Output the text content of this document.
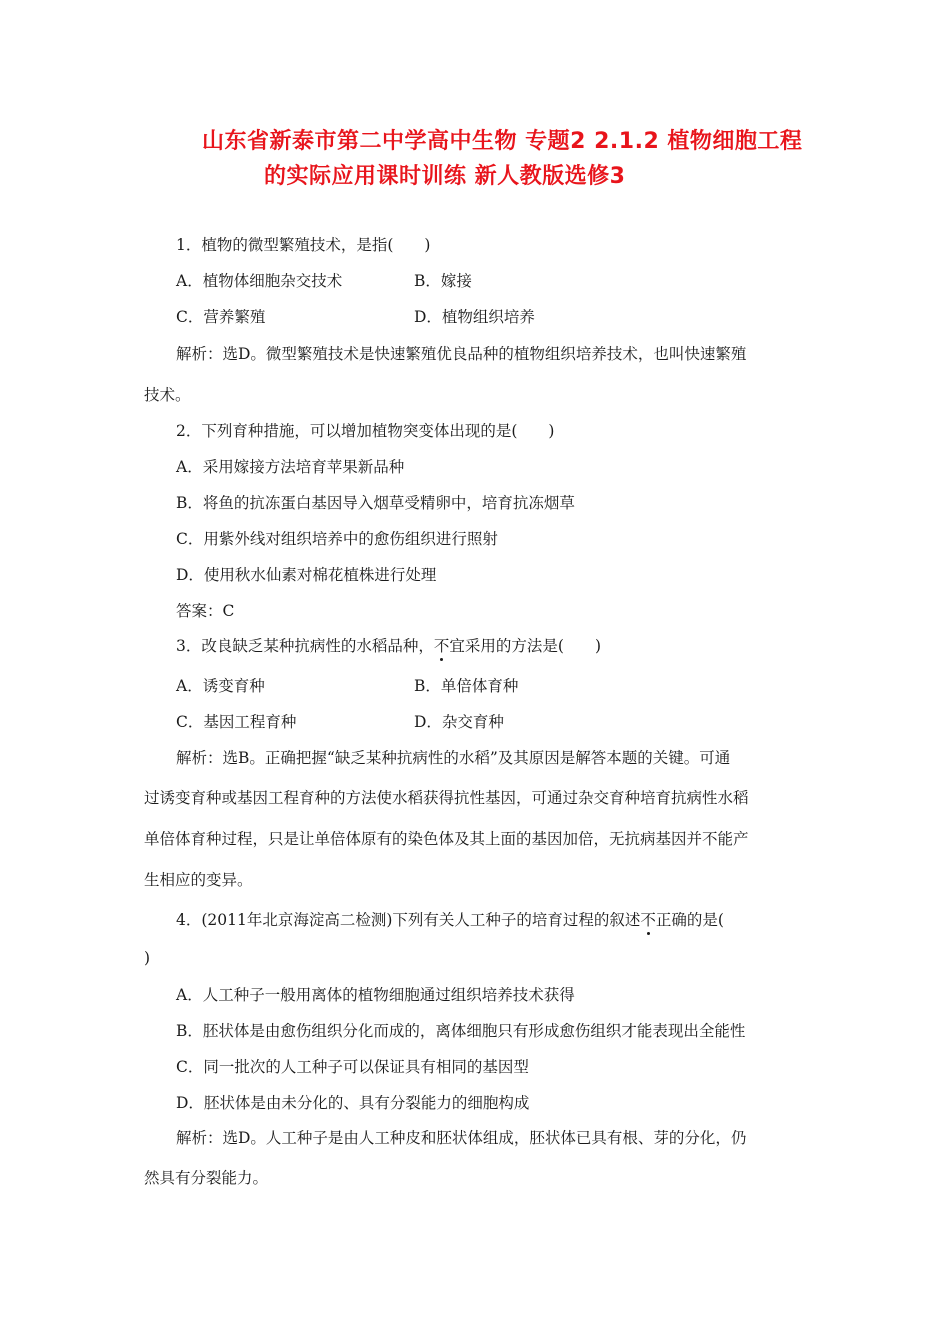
山东省新泰市第二中学高中生物 专题2 2.1.2 植物细胞工程
的实际应用课时训练 新人教版选修3
1．植物的微型繁殖技术，是指(　　)
A．植物体细胞杂交技术	B．嫁接
C．营养繁殖	D．植物组织培养
解析：选D。微型繁殖技术是快速繁殖优良品种的植物组织培养技术，也叫快速繁殖
技术。
2．下列育种措施，可以增加植物突变体出现的是(　　)
A．采用嫁接方法培育苹果新品种
B．将鱼的抗冻蛋白基因导入烟草受精卵中，培育抗冻烟草
C．用紫外线对组织培养中的愈伤组织进行照射
D．使用秋水仙素对棉花植株进行处理
答案：C
3．改良缺乏某种抗病性的水稻品种，不宜采用的方法是(　　)
A．诱变育种	B．单倍体育种
C．基因工程育种	D．杂交育种
解析：选B。正确把握“缺乏某种抗病性的水稻”及其原因是解答本题的关键。可通
过诱变育种或基因工程育种的方法使水稻获得抗性基因，可通过杂交育种培育抗病性水稻
单倍体育种过程，只是让单倍体原有的染色体及其上面的基因加倍，无抗病基因并不能产
生相应的变异。
4．(2011年北京海淀高二检测)下列有关人工种子的培育过程的叙述不正确的是(
)
A．人工种子一般用离体的植物细胞通过组织培养技术获得
B．胚状体是由愈伤组织分化而成的，离体细胞只有形成愈伤组织才能表现出全能性
C．同一批次的人工种子可以保证具有相同的基因型
D．胚状体是由未分化的、具有分裂能力的细胞构成
解析：选D。人工种子是由人工种皮和胚状体组成，胚状体已具有根、芽的分化，仍
然具有分裂能力。
